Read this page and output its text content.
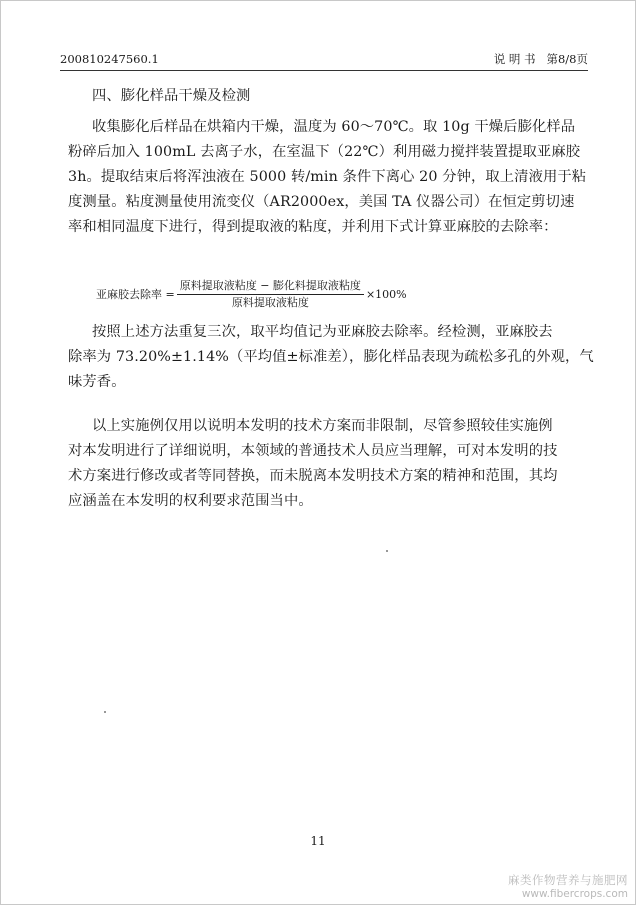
200810247560.1	说 明 书 第8/8页
四、膨化样品干燥及检测
收集膨化后样品在烘箱内干燥，温度为 60～70℃。取 10g 干燥后膨化样品
粉碎后加入 100mL 去离子水，在室温下（22℃）利用磁力搅拌装置提取亚麻胶
3h。提取结束后将浑浊液在 5000 转/min 条件下离心 20 分钟，取上清液用于粘
度测量。粘度测量使用流变仪（AR2000ex，美国 TA 仪器公司）在恒定剪切速
率和相同温度下进行，得到提取液的粘度，并利用下式计算亚麻胶的去除率：
亚麻胶去除率 = $\frac{\text{原料提取液粘度 − 膨化料提取液粘度}}{\text{原料提取液粘度}} \times 100\%$
按照上述方法重复三次，取平均值记为亚麻胶去除率。经检测，亚麻胶去
除率为 73.20%±1.14%（平均值±标准差），膨化样品表现为疏松多孔的外观，气
味芳香。
以上实施例仅用以说明本发明的技术方案而非限制，尽管参照较佳实施例
对本发明进行了详细说明，本领域的普通技术人员应当理解，可对本发明的技
术方案进行修改或者等同替换，而未脱离本发明技术方案的精神和范围，其均
应涵盖在本发明的权利要求范围当中。
11
麻类作物营养与施肥网
www.fibercrops.com
